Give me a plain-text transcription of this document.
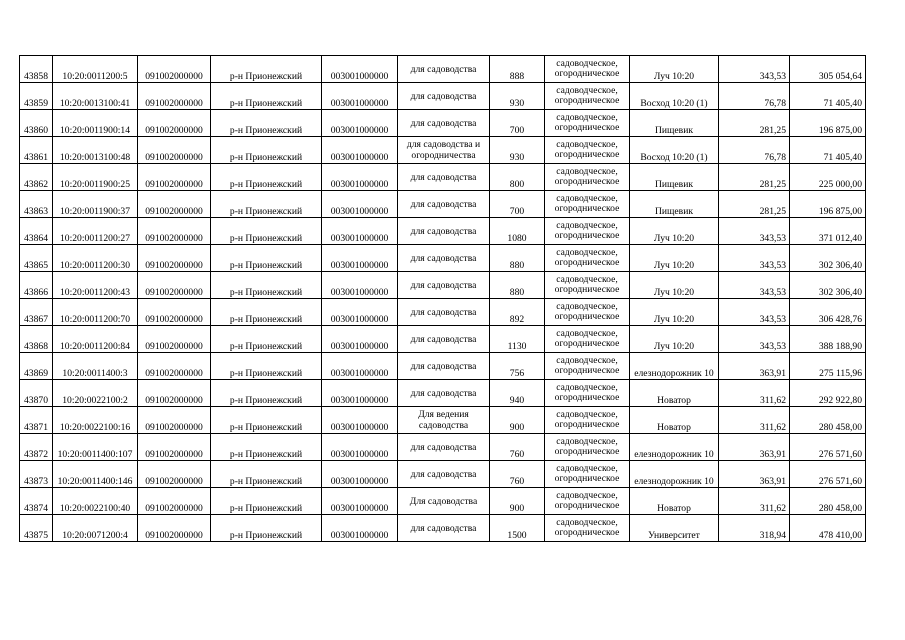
43858	10:20:0011200:5	091002000000	р-н Прионежский	003001000000	для садоводства	888	садоводческое, огородническое	Луч 10:20	343,53	305 054,64
43859	10:20:0013100:41	091002000000	р-н Прионежский	003001000000	для садоводства	930	садоводческое, огородническое	Восход 10:20 (1)	76,78	71 405,40
43860	10:20:0011900:14	091002000000	р-н Прионежский	003001000000	для садоводства	700	садоводческое, огородническое	Пищевик	281,25	196 875,00
43861	10:20:0013100:48	091002000000	р-н Прионежский	003001000000	для садоводства и огородничества	930	садоводческое, огородническое	Восход 10:20 (1)	76,78	71 405,40
43862	10:20:0011900:25	091002000000	р-н Прионежский	003001000000	для садоводства	800	садоводческое, огородническое	Пищевик	281,25	225 000,00
43863	10:20:0011900:37	091002000000	р-н Прионежский	003001000000	для садоводства	700	садоводческое, огородническое	Пищевик	281,25	196 875,00
43864	10:20:0011200:27	091002000000	р-н Прионежский	003001000000	для садоводства	1080	садоводческое, огородническое	Луч 10:20	343,53	371 012,40
43865	10:20:0011200:30	091002000000	р-н Прионежский	003001000000	для садоводства	880	садоводческое, огородническое	Луч 10:20	343,53	302 306,40
43866	10:20:0011200:43	091002000000	р-н Прионежский	003001000000	для садоводства	880	садоводческое, огородническое	Луч 10:20	343,53	302 306,40
43867	10:20:0011200:70	091002000000	р-н Прионежский	003001000000	для садоводства	892	садоводческое, огородническое	Луч 10:20	343,53	306 428,76
43868	10:20:0011200:84	091002000000	р-н Прионежский	003001000000	для садоводства	1130	садоводческое, огородническое	Луч 10:20	343,53	388 188,90
43869	10:20:0011400:3	091002000000	р-н Прионежский	003001000000	для садоводства	756	садоводческое, огородническое	елезнодорожник 10	363,91	275 115,96
43870	10:20:0022100:2	091002000000	р-н Прионежский	003001000000	для садоводства	940	садоводческое, огородническое	Новатор	311,62	292 922,80
43871	10:20:0022100:16	091002000000	р-н Прионежский	003001000000	Для ведения садоводства	900	садоводческое, огородническое	Новатор	311,62	280 458,00
43872	10:20:0011400:107	091002000000	р-н Прионежский	003001000000	для садоводства	760	садоводческое, огородническое	елезнодорожник 10	363,91	276 571,60
43873	10:20:0011400:146	091002000000	р-н Прионежский	003001000000	для садоводства	760	садоводческое, огородническое	елезнодорожник 10	363,91	276 571,60
43874	10:20:0022100:40	091002000000	р-н Прионежский	003001000000	Для садоводства	900	садоводческое, огородническое	Новатор	311,62	280 458,00
43875	10:20:0071200:4	091002000000	р-н Прионежский	003001000000	для садоводства	1500	садоводческое, огородническое	Университет	318,94	478 410,00
